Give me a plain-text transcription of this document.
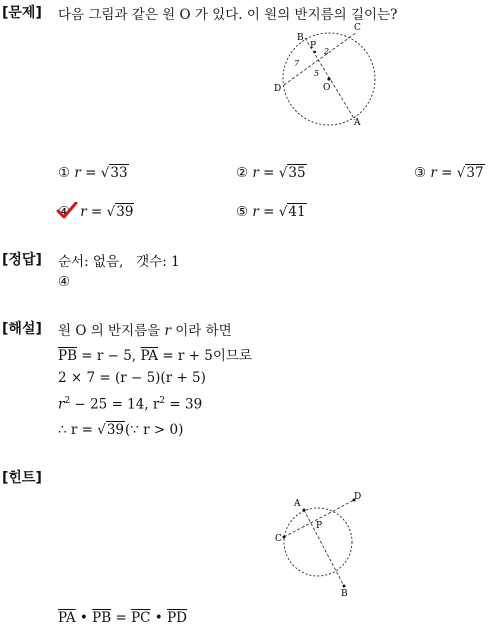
[문제] 다음 그림과 같은 원 O 가 있다. 이 원의 반지름의 길이는?
C
B
P
2
7
D
5
O
A
① r = √33	② r = √35	③ r = √37
④ r = √39	⑤ r = √41
[정답] 순서: 없음,   갯수: 1
④
[해설] 원 O 의 반지름을 r 이라 하면
$\overline{PB} = r - 5$, $\overline{PA} = r + 5$이므로
2 × 7 = (r − 5)(r + 5)
$r^2 - 25 = 14$, $r^2 = 39$
∴ r = √39(∵ r > 0)
[힌트]
A
D
C
P
B
$\overline{PA}$ • $\overline{PB} = \overline{PC}$ • $\overline{PD}$
